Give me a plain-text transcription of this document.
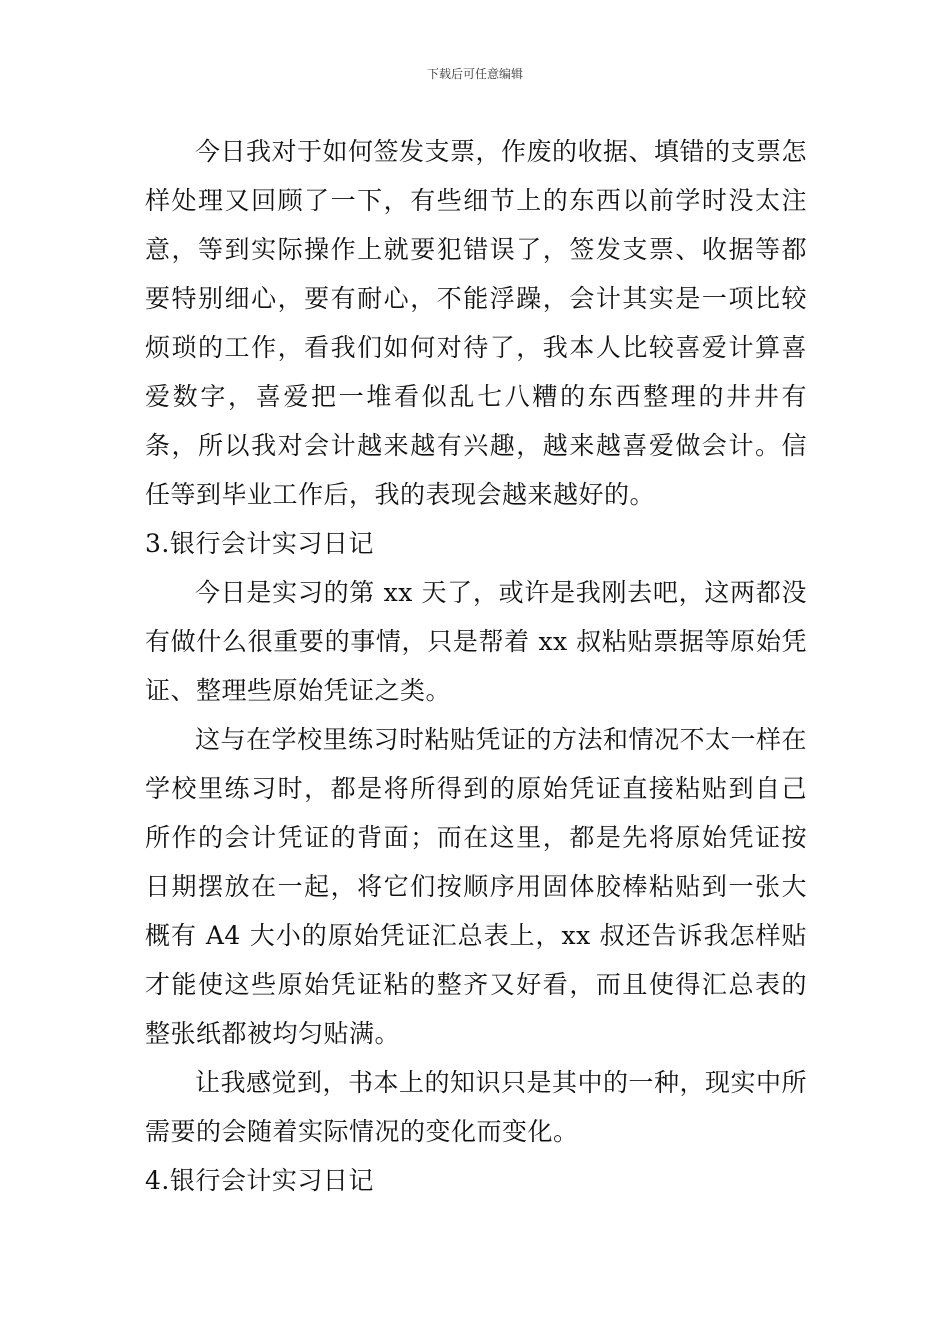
下载后可任意编辑

今日我对于如何签发支票，作废的收据、填错的支票怎样处理又回顾了一下，有些细节上的东西以前学时没太注意，等到实际操作上就要犯错误了，签发支票、收据等都要特别细心，要有耐心，不能浮躁，会计其实是一项比较烦琐的工作，看我们如何对待了，我本人比较喜爱计算喜爱数字，喜爱把一堆看似乱七八糟的东西整理的井井有条，所以我对会计越来越有兴趣，越来越喜爱做会计。信任等到毕业工作后，我的表现会越来越好的。

3.银行会计实习日记

今日是实习的第 xx 天了，或许是我刚去吧，这两都没有做什么很重要的事情，只是帮着 xx 叔粘贴票据等原始凭证、整理些原始凭证之类。

这与在学校里练习时粘贴凭证的方法和情况不太一样在学校里练习时，都是将所得到的原始凭证直接粘贴到自己所作的会计凭证的背面；而在这里，都是先将原始凭证按日期摆放在一起，将它们按顺序用固体胶棒粘贴到一张大概有 A4 大小的原始凭证汇总表上，xx 叔还告诉我怎样贴才能使这些原始凭证粘的整齐又好看，而且使得汇总表的整张纸都被均匀贴满。

让我感觉到，书本上的知识只是其中的一种，现实中所需要的会随着实际情况的变化而变化。

4.银行会计实习日记
